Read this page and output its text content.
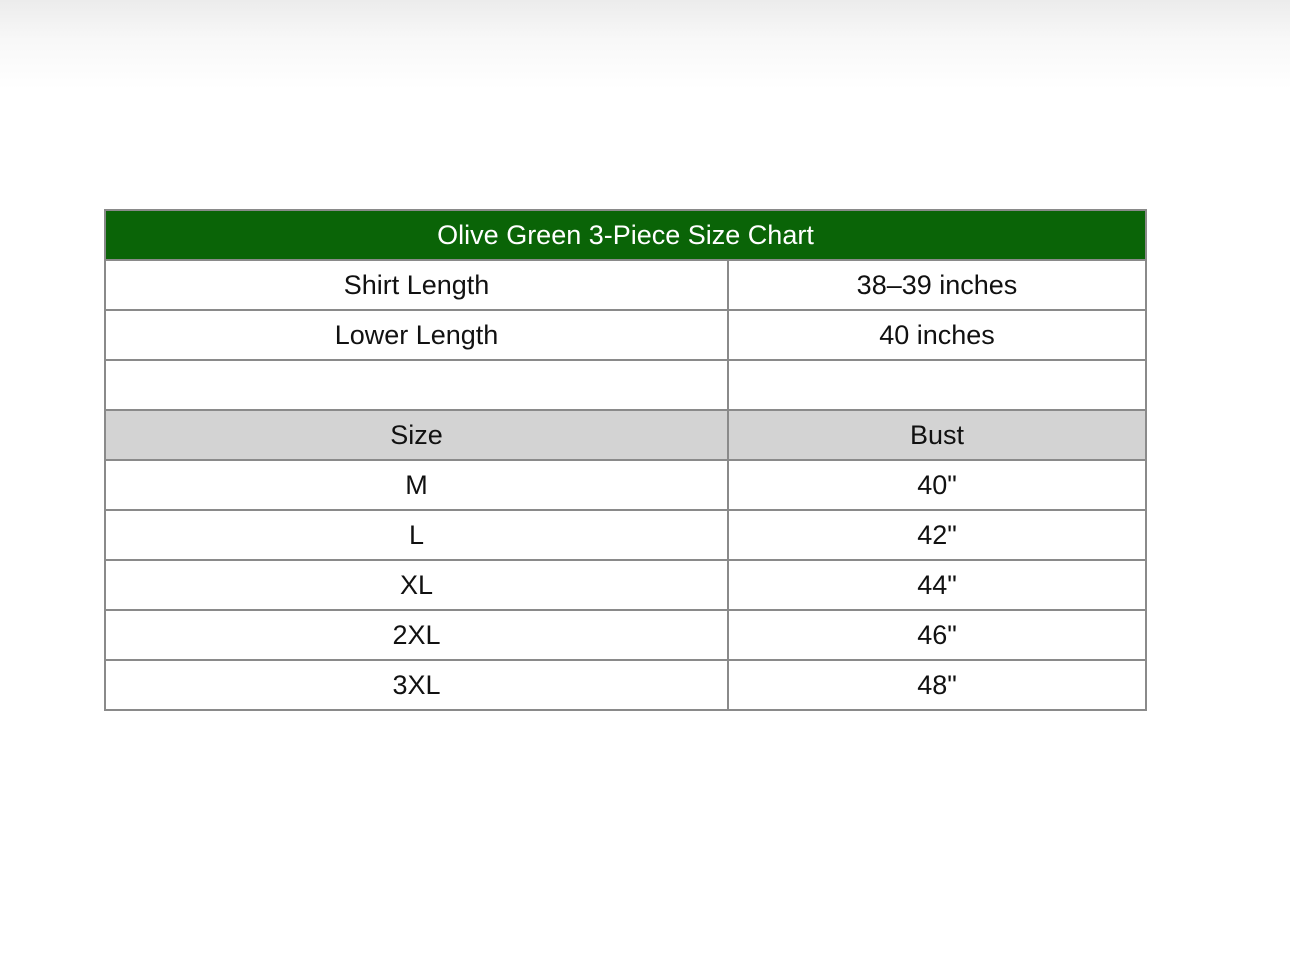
Olive Green 3-Piece Size Chart	
Shirt Length	38–39 inches
Lower Length	40 inches

Size	Bust
M	40"
L	42"
XL	44"
2XL	46"
3XL	48"
